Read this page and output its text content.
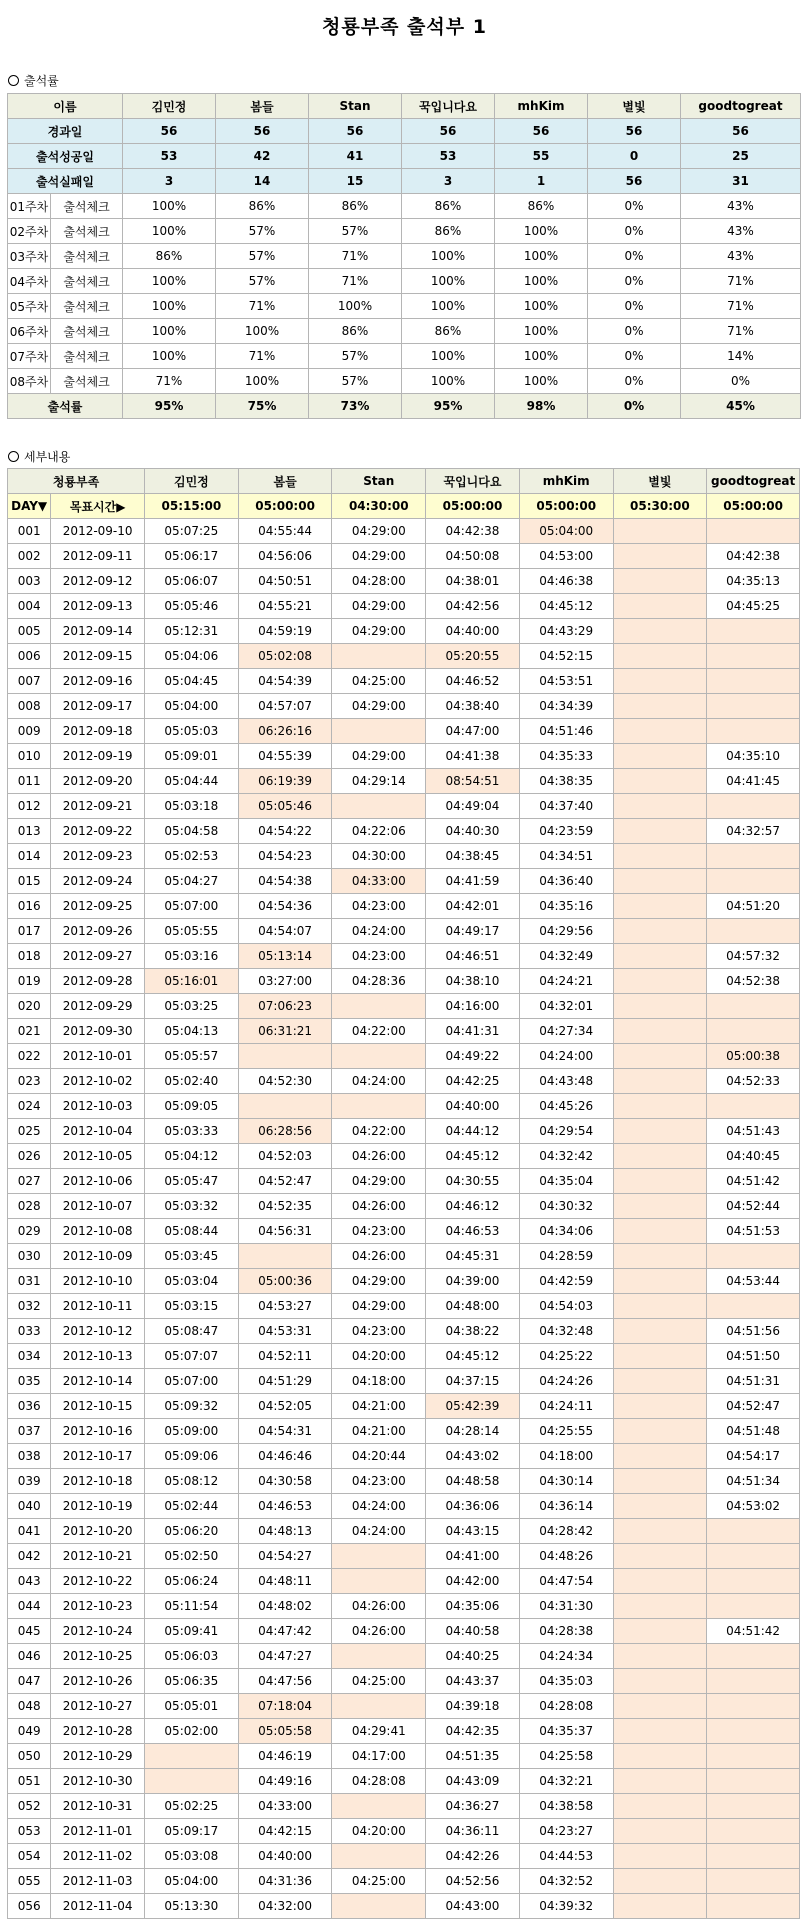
청룡부족 출석부 1
출석률
이름		김민정	봄들	Stan	꾹입니다요	mhKim	별빛	goodtogreat
경과일		56	56	56	56	56	56	56
출석성공일		53	42	41	53	55	0	25
출석실패일		3	14	15	3	1	56	31
01주차	출석체크	100%	86%	86%	86%	86%	0%	43%
02주차	출석체크	100%	57%	57%	86%	100%	0%	43%
03주차	출석체크	86%	57%	71%	100%	100%	0%	43%
04주차	출석체크	100%	57%	71%	100%	100%	0%	71%
05주차	출석체크	100%	71%	100%	100%	100%	0%	71%
06주차	출석체크	100%	100%	86%	86%	100%	0%	71%
07주차	출석체크	100%	71%	57%	100%	100%	0%	14%
08주차	출석체크	71%	100%	57%	100%	100%	0%	0%
출석률		95%	75%	73%	95%	98%	0%	45%
세부내용
청룡부족		김민정	봄들	Stan	꾹입니다요	mhKim	별빛	goodtogreat
DAY▼	목표시간▶	05:15:00	05:00:00	04:30:00	05:00:00	05:00:00	05:30:00	05:00:00
001	2012-09-10	05:07:25	04:55:44	04:29:00	04:42:38	05:04:00		
002	2012-09-11	05:06:17	04:56:06	04:29:00	04:50:08	04:53:00		04:42:38
003	2012-09-12	05:06:07	04:50:51	04:28:00	04:38:01	04:46:38		04:35:13
004	2012-09-13	05:05:46	04:55:21	04:29:00	04:42:56	04:45:12		04:45:25
005	2012-09-14	05:12:31	04:59:19	04:29:00	04:40:00	04:43:29		
006	2012-09-15	05:04:06	05:02:08		05:20:55	04:52:15		
007	2012-09-16	05:04:45	04:54:39	04:25:00	04:46:52	04:53:51		
008	2012-09-17	05:04:00	04:57:07	04:29:00	04:38:40	04:34:39		
009	2012-09-18	05:05:03	06:26:16		04:47:00	04:51:46		
010	2012-09-19	05:09:01	04:55:39	04:29:00	04:41:38	04:35:33		04:35:10
011	2012-09-20	05:04:44	06:19:39	04:29:14	08:54:51	04:38:35		04:41:45
012	2012-09-21	05:03:18	05:05:46		04:49:04	04:37:40		
013	2012-09-22	05:04:58	04:54:22	04:22:06	04:40:30	04:23:59		04:32:57
014	2012-09-23	05:02:53	04:54:23	04:30:00	04:38:45	04:34:51		
015	2012-09-24	05:04:27	04:54:38	04:33:00	04:41:59	04:36:40		
016	2012-09-25	05:07:00	04:54:36	04:23:00	04:42:01	04:35:16		04:51:20
017	2012-09-26	05:05:55	04:54:07	04:24:00	04:49:17	04:29:56		
018	2012-09-27	05:03:16	05:13:14	04:23:00	04:46:51	04:32:49		04:57:32
019	2012-09-28	05:16:01	03:27:00	04:28:36	04:38:10	04:24:21		04:52:38
020	2012-09-29	05:03:25	07:06:23		04:16:00	04:32:01		
021	2012-09-30	05:04:13	06:31:21	04:22:00	04:41:31	04:27:34		
022	2012-10-01	05:05:57			04:49:22	04:24:00		05:00:38
023	2012-10-02	05:02:40	04:52:30	04:24:00	04:42:25	04:43:48		04:52:33
024	2012-10-03	05:09:05			04:40:00	04:45:26		
025	2012-10-04	05:03:33	06:28:56	04:22:00	04:44:12	04:29:54		04:51:43
026	2012-10-05	05:04:12	04:52:03	04:26:00	04:45:12	04:32:42		04:40:45
027	2012-10-06	05:05:47	04:52:47	04:29:00	04:30:55	04:35:04		04:51:42
028	2012-10-07	05:03:32	04:52:35	04:26:00	04:46:12	04:30:32		04:52:44
029	2012-10-08	05:08:44	04:56:31	04:23:00	04:46:53	04:34:06		04:51:53
030	2012-10-09	05:03:45		04:26:00	04:45:31	04:28:59		
031	2012-10-10	05:03:04	05:00:36	04:29:00	04:39:00	04:42:59		04:53:44
032	2012-10-11	05:03:15	04:53:27	04:29:00	04:48:00	04:54:03		
033	2012-10-12	05:08:47	04:53:31	04:23:00	04:38:22	04:32:48		04:51:56
034	2012-10-13	05:07:07	04:52:11	04:20:00	04:45:12	04:25:22		04:51:50
035	2012-10-14	05:07:00	04:51:29	04:18:00	04:37:15	04:24:26		04:51:31
036	2012-10-15	05:09:32	04:52:05	04:21:00	05:42:39	04:24:11		04:52:47
037	2012-10-16	05:09:00	04:54:31	04:21:00	04:28:14	04:25:55		04:51:48
038	2012-10-17	05:09:06	04:46:46	04:20:44	04:43:02	04:18:00		04:54:17
039	2012-10-18	05:08:12	04:30:58	04:23:00	04:48:58	04:30:14		04:51:34
040	2012-10-19	05:02:44	04:46:53	04:24:00	04:36:06	04:36:14		04:53:02
041	2012-10-20	05:06:20	04:48:13	04:24:00	04:43:15	04:28:42		
042	2012-10-21	05:02:50	04:54:27		04:41:00	04:48:26		
043	2012-10-22	05:06:24	04:48:11		04:42:00	04:47:54		
044	2012-10-23	05:11:54	04:48:02	04:26:00	04:35:06	04:31:30		
045	2012-10-24	05:09:41	04:47:42	04:26:00	04:40:58	04:28:38		04:51:42
046	2012-10-25	05:06:03	04:47:27		04:40:25	04:24:34		
047	2012-10-26	05:06:35	04:47:56	04:25:00	04:43:37	04:35:03		
048	2012-10-27	05:05:01	07:18:04		04:39:18	04:28:08		
049	2012-10-28	05:02:00	05:05:58	04:29:41	04:42:35	04:35:37		
050	2012-10-29		04:46:19	04:17:00	04:51:35	04:25:58		
051	2012-10-30		04:49:16	04:28:08	04:43:09	04:32:21		
052	2012-10-31	05:02:25	04:33:00		04:36:27	04:38:58		
053	2012-11-01	05:09:17	04:42:15	04:20:00	04:36:11	04:23:27		
054	2012-11-02	05:03:08	04:40:00		04:42:26	04:44:53		
055	2012-11-03	05:04:00	04:31:36	04:25:00	04:52:56	04:32:52		
056	2012-11-04	05:13:30	04:32:00		04:43:00	04:39:32		
